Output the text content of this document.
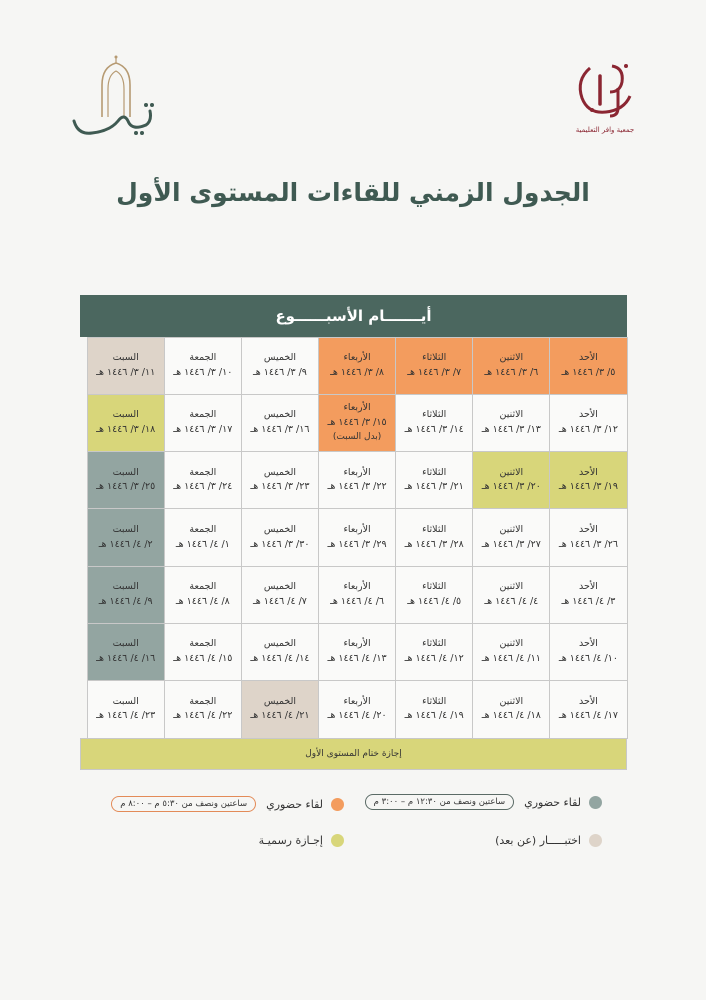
جمعية وافر التعليمية
الجدول الزمني للقاءات المستوى الأول
أيـــــــام الأسبــــــوع
الأحد
٥/ ٣/ ١٤٤٦ هـ
الاثنين
٦/ ٣/ ١٤٤٦ هـ
الثلاثاء
٧/ ٣/ ١٤٤٦ هـ
الأربعاء
٨/ ٣/ ١٤٤٦ هـ
الخميس
٩/ ٣/ ١٤٤٦ هـ
الجمعة
١٠/ ٣/ ١٤٤٦ هـ
السبت
١١/ ٣/ ١٤٤٦ هـ
الأحد
١٢/ ٣/ ١٤٤٦ هـ
الاثنين
١٣/ ٣/ ١٤٤٦ هـ
الثلاثاء
١٤/ ٣/ ١٤٤٦ هـ
الأربعاء
١٥/ ٣/ ١٤٤٦ هـ
(بدل السبت)
الخميس
١٦/ ٣/ ١٤٤٦ هـ
الجمعة
١٧/ ٣/ ١٤٤٦ هـ
السبت
١٨/ ٣/ ١٤٤٦ هـ
الأحد
١٩/ ٣/ ١٤٤٦ هـ
الاثنين
٢٠/ ٣/ ١٤٤٦ هـ
الثلاثاء
٢١/ ٣/ ١٤٤٦ هـ
الأربعاء
٢٢/ ٣/ ١٤٤٦ هـ
الخميس
٢٣/ ٣/ ١٤٤٦ هـ
الجمعة
٢٤/ ٣/ ١٤٤٦ هـ
السبت
٢٥/ ٣/ ١٤٤٦ هـ
الأحد
٢٦/ ٣/ ١٤٤٦ هـ
الاثنين
٢٧/ ٣/ ١٤٤٦ هـ
الثلاثاء
٢٨/ ٣/ ١٤٤٦ هـ
الأربعاء
٢٩/ ٣/ ١٤٤٦ هـ
الخميس
٣٠/ ٣/ ١٤٤٦ هـ
الجمعة
١/ ٤/ ١٤٤٦ هـ
السبت
٢/ ٤/ ١٤٤٦ هـ
الأحد
٣/ ٤/ ١٤٤٦ هـ
الاثنين
٤/ ٤/ ١٤٤٦ هـ
الثلاثاء
٥/ ٤/ ١٤٤٦ هـ
الأربعاء
٦/ ٤/ ١٤٤٦ هـ
الخميس
٧/ ٤/ ١٤٤٦ هـ
الجمعة
٨/ ٤/ ١٤٤٦ هـ
السبت
٩/ ٤/ ١٤٤٦ هـ
الأحد
١٠/ ٤/ ١٤٤٦ هـ
الاثنين
١١/ ٤/ ١٤٤٦ هـ
الثلاثاء
١٢/ ٤/ ١٤٤٦ هـ
الأربعاء
١٣/ ٤/ ١٤٤٦ هـ
الخميس
١٤/ ٤/ ١٤٤٦ هـ
الجمعة
١٥/ ٤/ ١٤٤٦ هـ
السبت
١٦/ ٤/ ١٤٤٦ هـ
الأحد
١٧/ ٤/ ١٤٤٦ هـ
الاثنين
١٨/ ٤/ ١٤٤٦ هـ
الثلاثاء
١٩/ ٤/ ١٤٤٦ هـ
الأربعاء
٢٠/ ٤/ ١٤٤٦ هـ
الخميس
٢١/ ٤/ ١٤٤٦ هـ
الجمعة
٢٢/ ٤/ ١٤٤٦ هـ
السبت
٢٣/ ٤/ ١٤٤٦ هـ
إجازة ختام المستوى الأول
لقاء حضوري
ساعتين ونصف من ١٢:٣٠ م – ٣:٠٠ م
لقاء حضوري
ساعتين ونصف من ٥:٣٠ م – ٨:٠٠ م
اختبـــــار (عن بعد)
إجـازة رسميـة
